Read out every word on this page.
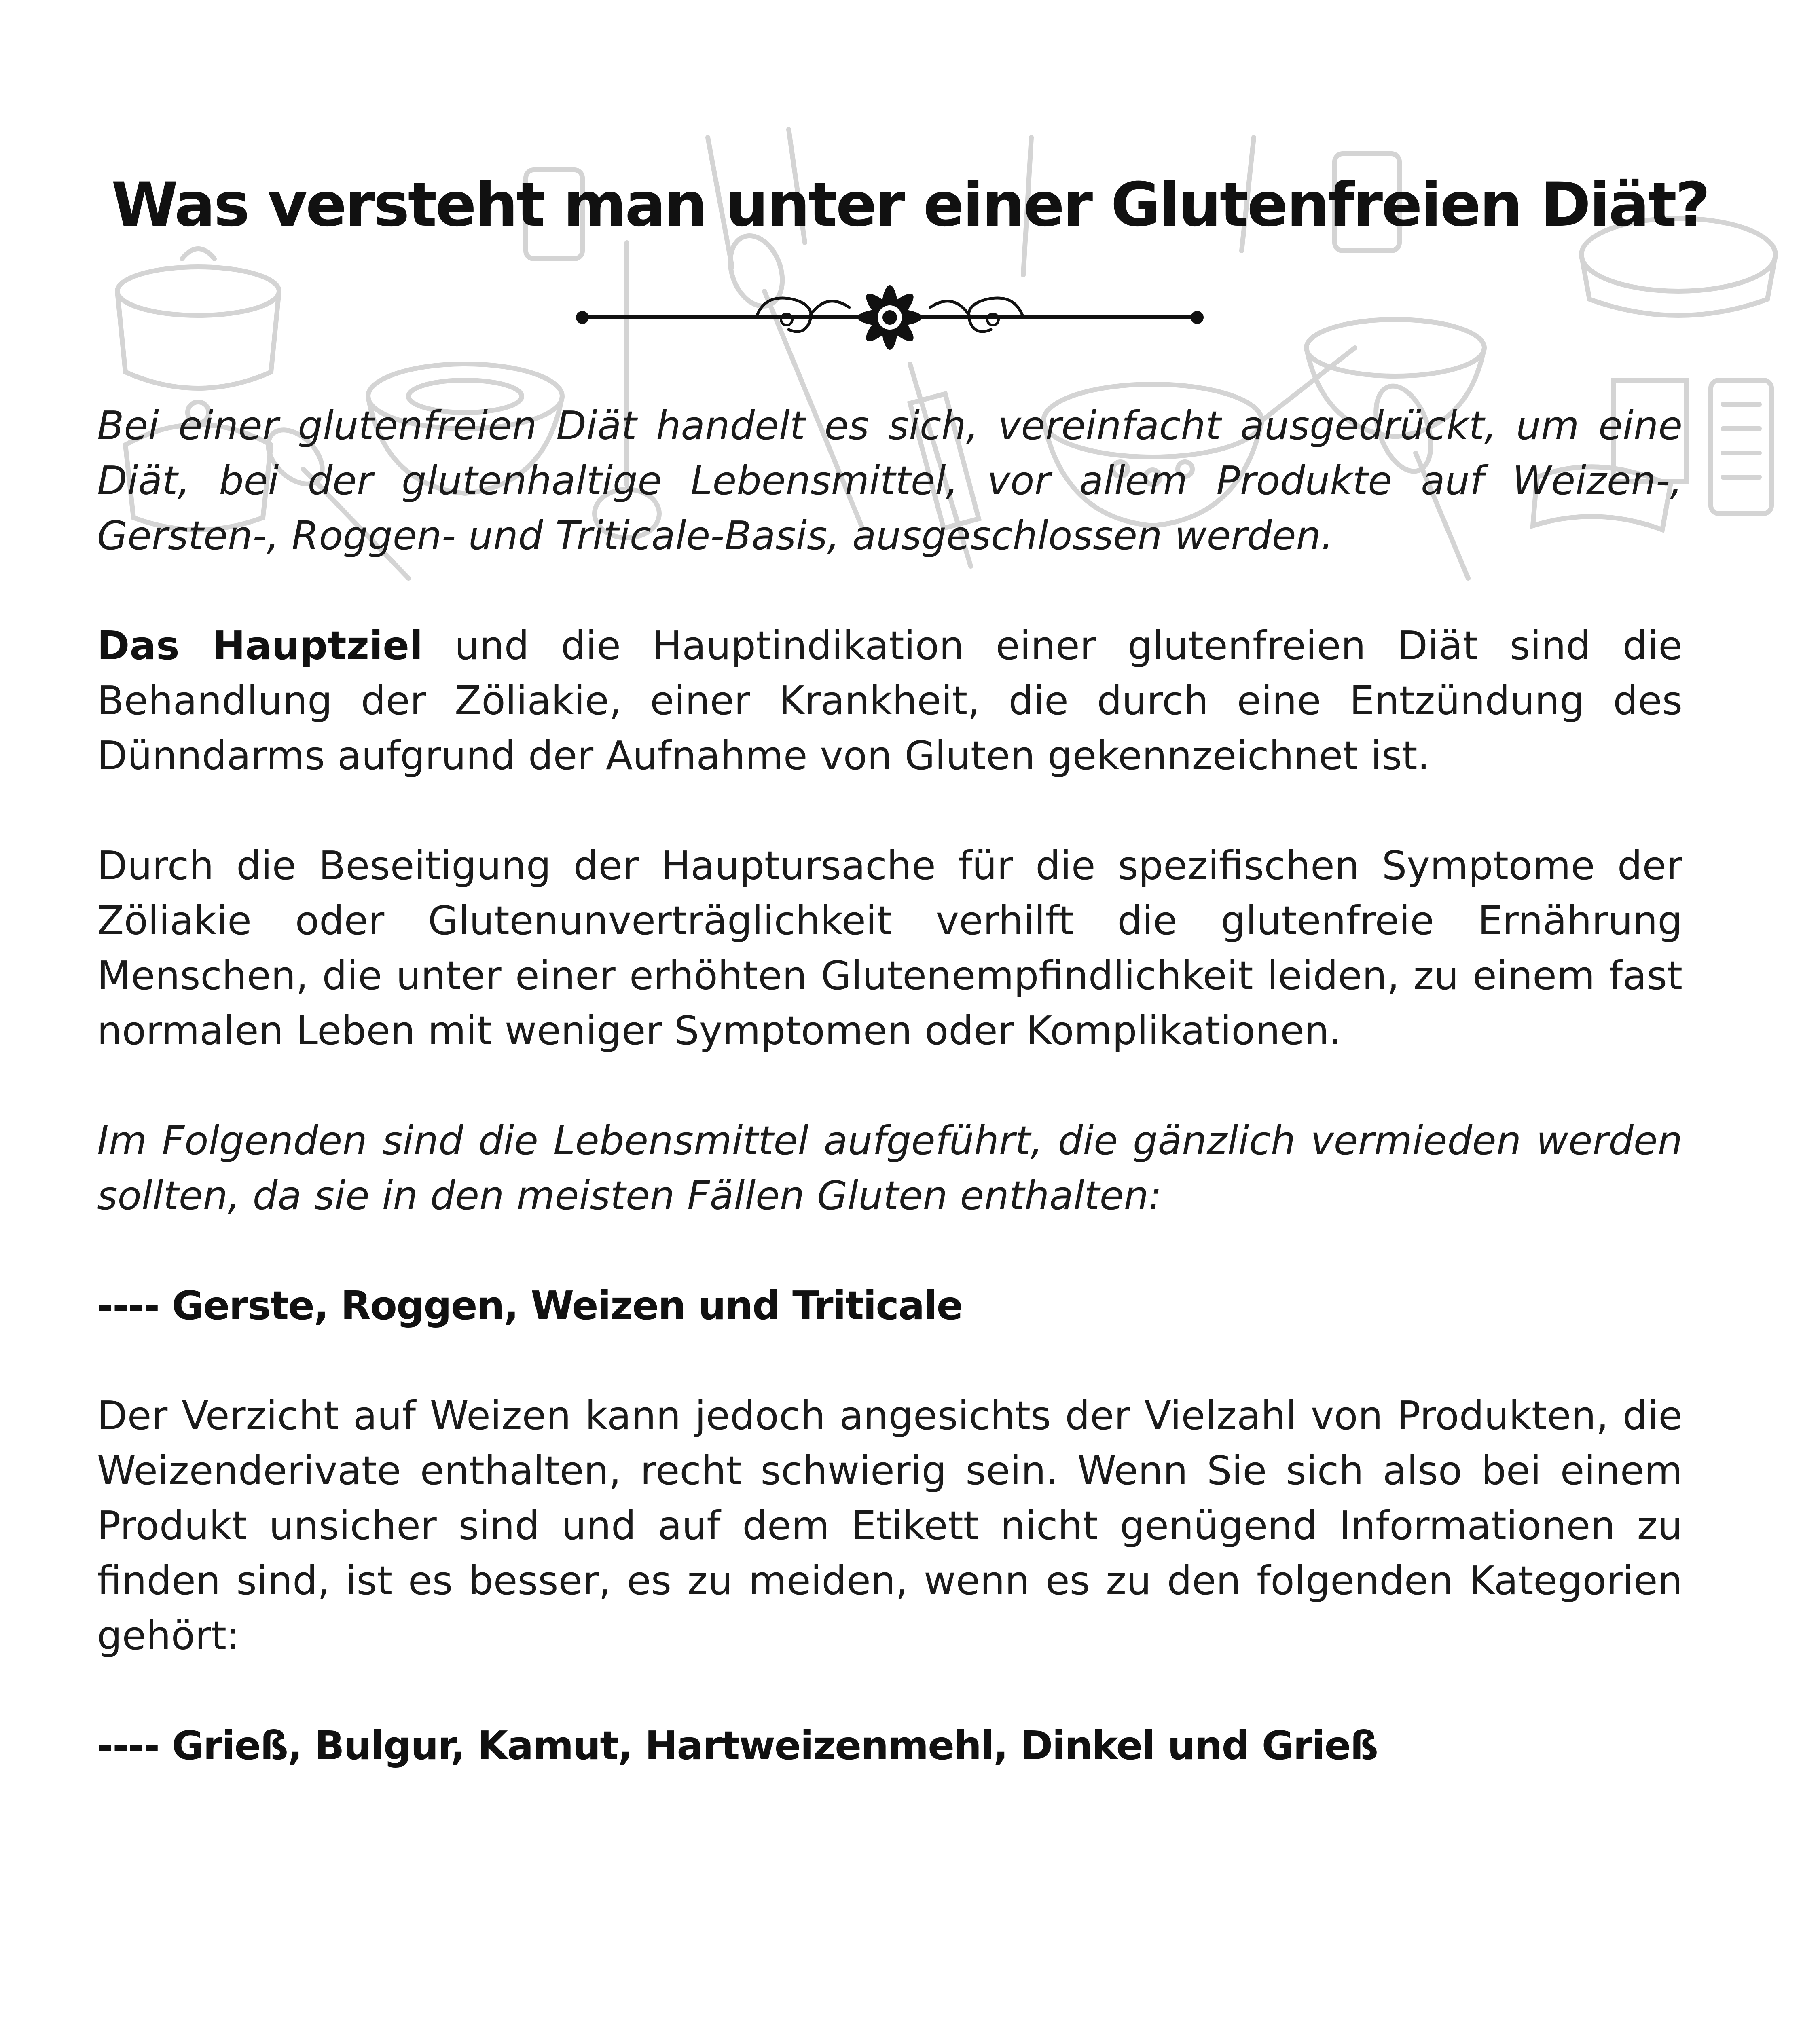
Was versteht man unter einer Glutenfreien Diät?

Bei einer glutenfreien Diät handelt es sich, vereinfacht ausgedrückt, um eine Diät, bei der glutenhaltige Lebensmittel, vor allem Produkte auf Weizen-, Gersten-, Roggen- und Triticale-Basis, ausgeschlossen werden.

Das Hauptziel und die Hauptindikation einer glutenfreien Diät sind die Behandlung der Zöliakie, einer Krankheit, die durch eine Entzündung des Dünndarms aufgrund der Aufnahme von Gluten gekennzeichnet ist.

Durch die Beseitigung der Hauptursache für die spezifischen Symptome der Zöliakie oder Glutenunverträglichkeit verhilft die glutenfreie Ernährung Menschen, die unter einer erhöhten Glutenempfindlichkeit leiden, zu einem fast normalen Leben mit weniger Symptomen oder Komplikationen.

Im Folgenden sind die Lebensmittel aufgeführt, die gänzlich vermieden werden sollten, da sie in den meisten Fällen Gluten enthalten:

---- Gerste, Roggen, Weizen und Triticale

Der Verzicht auf Weizen kann jedoch angesichts der Vielzahl von Produkten, die Weizenderivate enthalten, recht schwierig sein. Wenn Sie sich also bei einem Produkt unsicher sind und auf dem Etikett nicht genügend Informationen zu finden sind, ist es besser, es zu meiden, wenn es zu den folgenden Kategorien gehört:

---- Grieß, Bulgur, Kamut, Hartweizenmehl, Dinkel und Grieß
